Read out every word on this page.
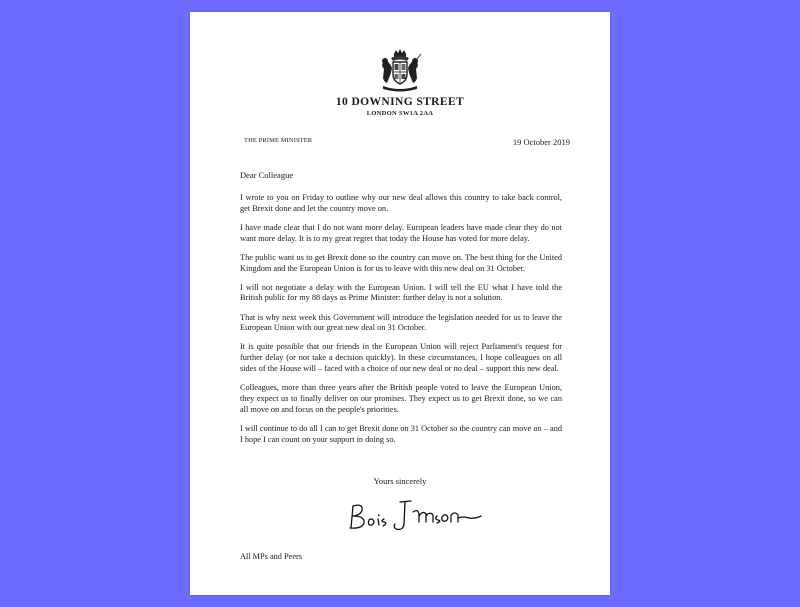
10 DOWNING STREET
LONDON SW1A 2AA
THE PRIME MINISTER	19 October 2019
Dear Colleague

I wrote to you on Friday to outline why our new deal allows this country to take back control, get Brexit done and let the country move on.

I have made clear that I do not want more delay. European leaders have made clear they do not want more delay. It is to my great regret that today the House has voted for more delay.

The public want us to get Brexit done so the country can move on. The best thing for the United Kingdom and the European Union is for us to leave with this new deal on 31 October.

I will not negotiate a delay with the European Union. I will tell the EU what I have told the British public for my 88 days as Prime Minister: further delay is not a solution.

That is why next week this Government will introduce the legislation needed for us to leave the European Union with our great new deal on 31 October.

It is quite possible that our friends in the European Union will reject Parliament's request for further delay (or not take a decision quickly). In these circumstances, I hope colleagues on all sides of the House will – faced with a choice of our new deal or no deal – support this new deal.

Colleagues, more than three years after the British people voted to leave the European Union, they expect us to finally deliver on our promises. They expect us to get Brexit done, so we can all move on and focus on the people's priorities.

I will continue to do all I can to get Brexit done on 31 October so the country can move on – and I hope I can count on your support in doing so.

Yours sincerely
All MPs and Peers
